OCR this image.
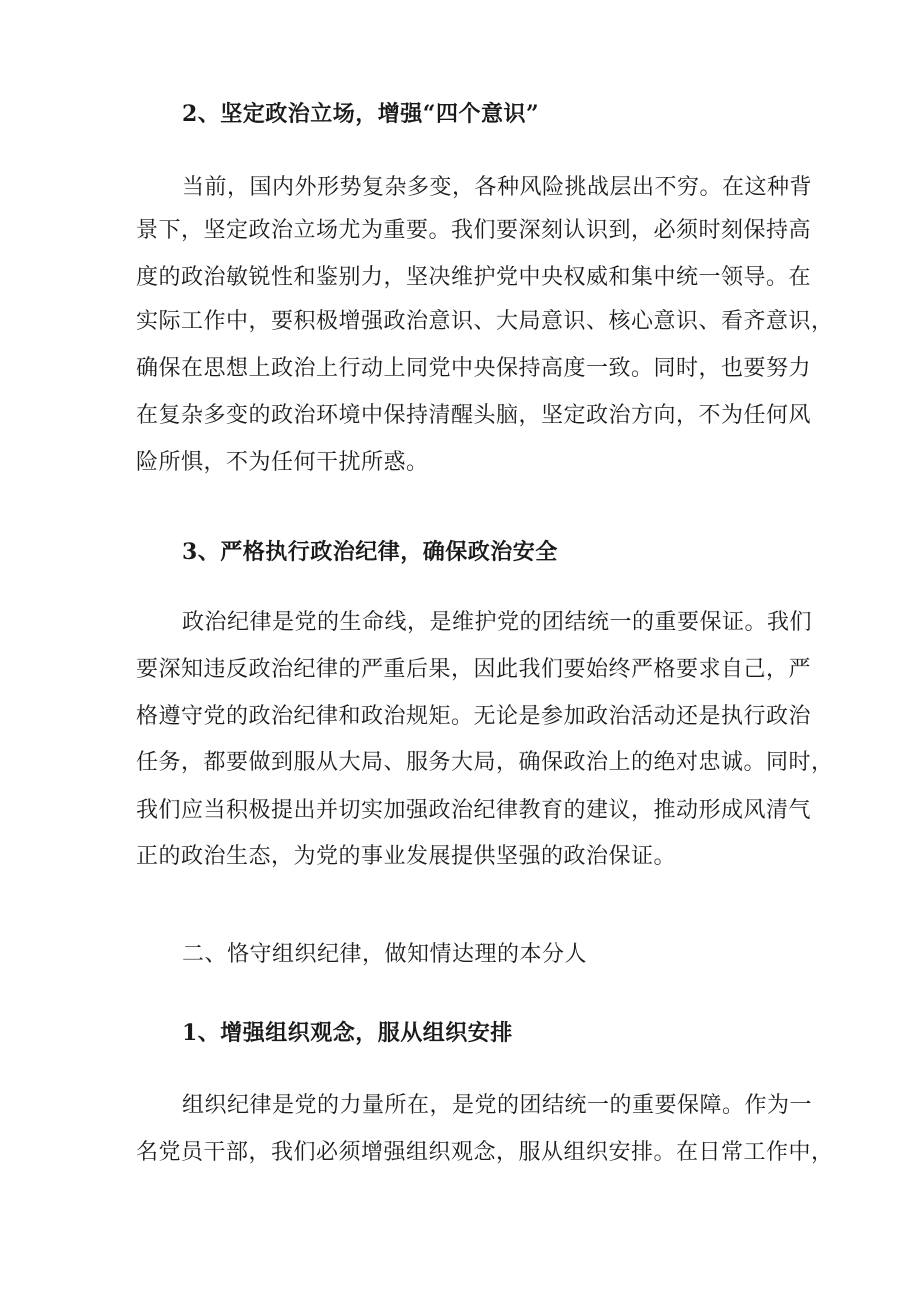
2、坚定政治立场，增强“四个意识”
当前，国内外形势复杂多变，各种风险挑战层出不穷。在这种背
景下，坚定政治立场尤为重要。我们要深刻认识到，必须时刻保持高
度的政治敏锐性和鉴别力，坚决维护党中央权威和集中统一领导。在
实际工作中，要积极增强政治意识、大局意识、核心意识、看齐意识，
确保在思想上政治上行动上同党中央保持高度一致。同时，也要努力
在复杂多变的政治环境中保持清醒头脑，坚定政治方向，不为任何风
险所惧，不为任何干扰所惑。
3、严格执行政治纪律，确保政治安全
政治纪律是党的生命线，是维护党的团结统一的重要保证。我们
要深知违反政治纪律的严重后果，因此我们要始终严格要求自己，严
格遵守党的政治纪律和政治规矩。无论是参加政治活动还是执行政治
任务，都要做到服从大局、服务大局，确保政治上的绝对忠诚。同时，
我们应当积极提出并切实加强政治纪律教育的建议，推动形成风清气
正的政治生态，为党的事业发展提供坚强的政治保证。
二、恪守组织纪律，做知情达理的本分人
1、增强组织观念，服从组织安排
组织纪律是党的力量所在，是党的团结统一的重要保障。作为一
名党员干部，我们必须增强组织观念，服从组织安排。在日常工作中，
